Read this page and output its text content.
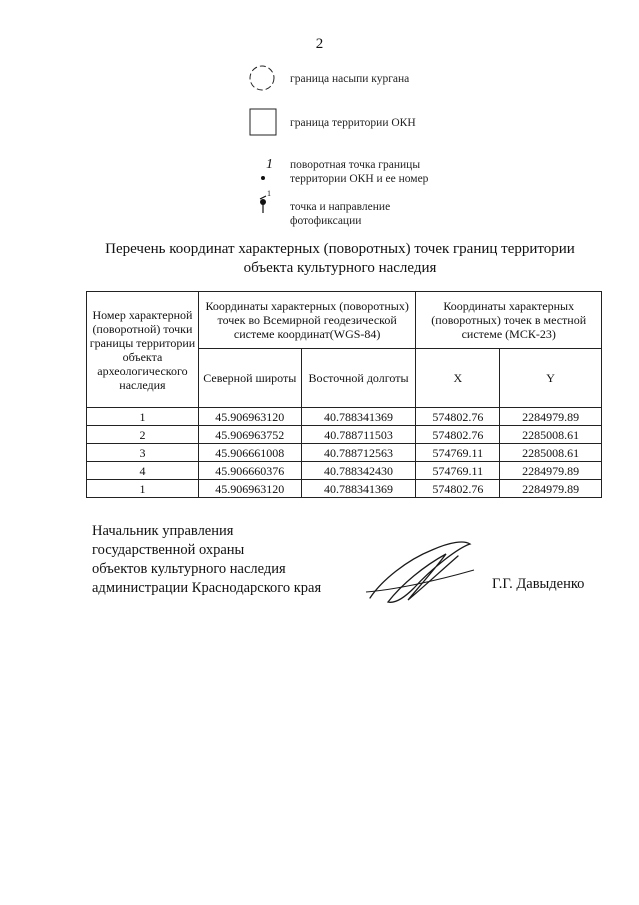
2
граница насыпи кургана
граница территории ОКН
1 поворотная точка границы территории ОКН и ее номер
1
точка и направление фотофиксации
Перечень координат характерных (поворотных) точек границ территории
объекта культурного наследия
Номер характерной (поворотной) точки границы территории объекта археологического наследия	Координаты характерных (поворотных) точек во Всемирной геодезической системе координат(WGS-84)		Координаты характерных (поворотных) точек в местной системе (МСК-23)	
	Северной широты	Восточной долготы	X	Y
1	45.906963120	40.788341369	574802.76	2284979.89
2	45.906963752	40.788711503	574802.76	2285008.61
3	45.906661008	40.788712563	574769.11	2285008.61
4	45.906660376	40.788342430	574769.11	2284979.89
1	45.906963120	40.788341369	574802.76	2284979.89
Начальник управления
государственной охраны
объектов культурного наследия
администрации Краснодарского края	Г.Г. Давыденко
